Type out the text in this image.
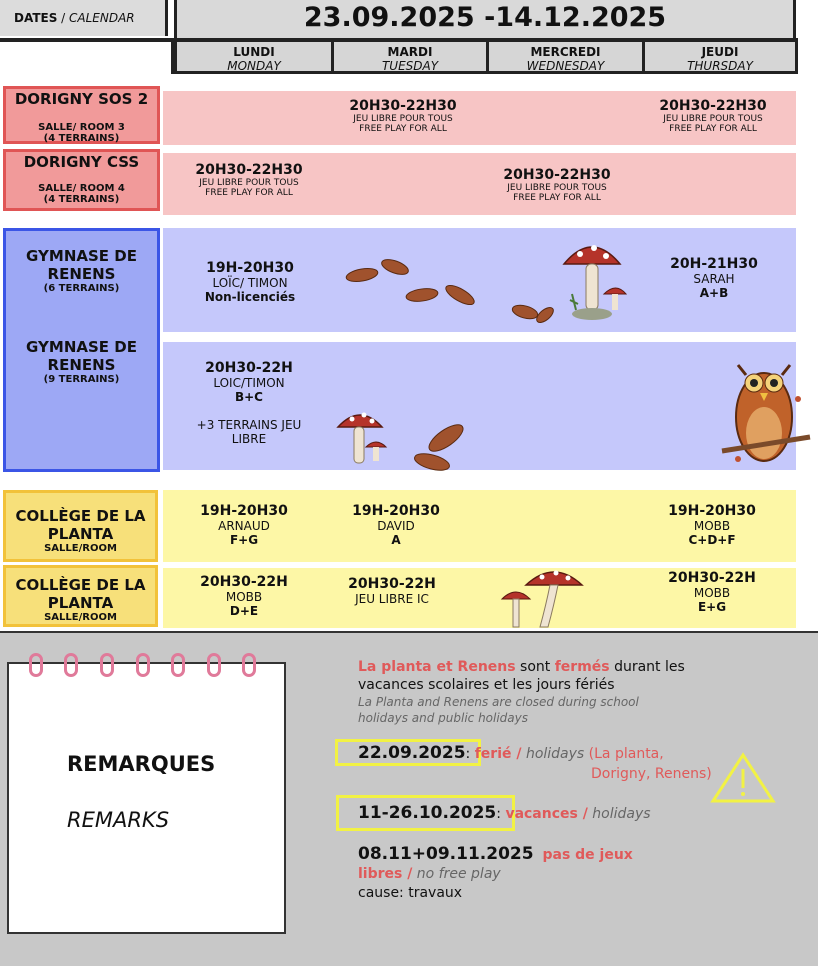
DATES / CALENDAR	23.09.2025 -14.12.2025
LUNDI
MONDAY
MARDI
TUESDAY
MERCREDI
WEDNESDAY
JEUDI
THURSDAY
DORIGNY SOS 2
SALLE/ ROOM 3
(4 TERRAINS)
20H30-22H30
JEU LIBRE POUR TOUS
FREE PLAY FOR ALL
20H30-22H30
JEU LIBRE POUR TOUS
FREE PLAY FOR ALL
DORIGNY CSS
SALLE/ ROOM 4
(4 TERRAINS)
20H30-22H30
JEU LIBRE POUR TOUS
FREE PLAY FOR ALL
20H30-22H30
JEU LIBRE POUR TOUS
FREE PLAY FOR ALL
GYMNASE DE
RENENS
(6 TERRAINS)
GYMNASE DE
RENENS
(9 TERRAINS)
19H-20H30
LOÏC/ TIMON
Non-licenciés
20H-21H30
SARAH
A+B
20H30-22H
LOIC/TIMON
B+C
+3 TERRAINS JEU
LIBRE
COLLÈGE DE LA
PLANTA
SALLE/ROOM
COLLÈGE DE LA
PLANTA
SALLE/ROOM
19H-20H30
ARNAUD
F+G
19H-20H30
DAVID
A
19H-20H30
MOBB
C+D+F
20H30-22H
MOBB
D+E
20H30-22H
JEU LIBRE IC
20H30-22H
MOBB
E+G
REMARQUES
REMARKS
La planta et Renens sont fermés durant les
vacances scolaires et les jours fériés
La Planta and Renens are closed during school
holidays and public holidays
22.09.2025: ferié / holidays (La planta,
Dorigny, Renens)
11-26.10.2025: vacances / holidays
08.11+09.11.2025 pas de jeux
libres / no free play
cause: travaux
